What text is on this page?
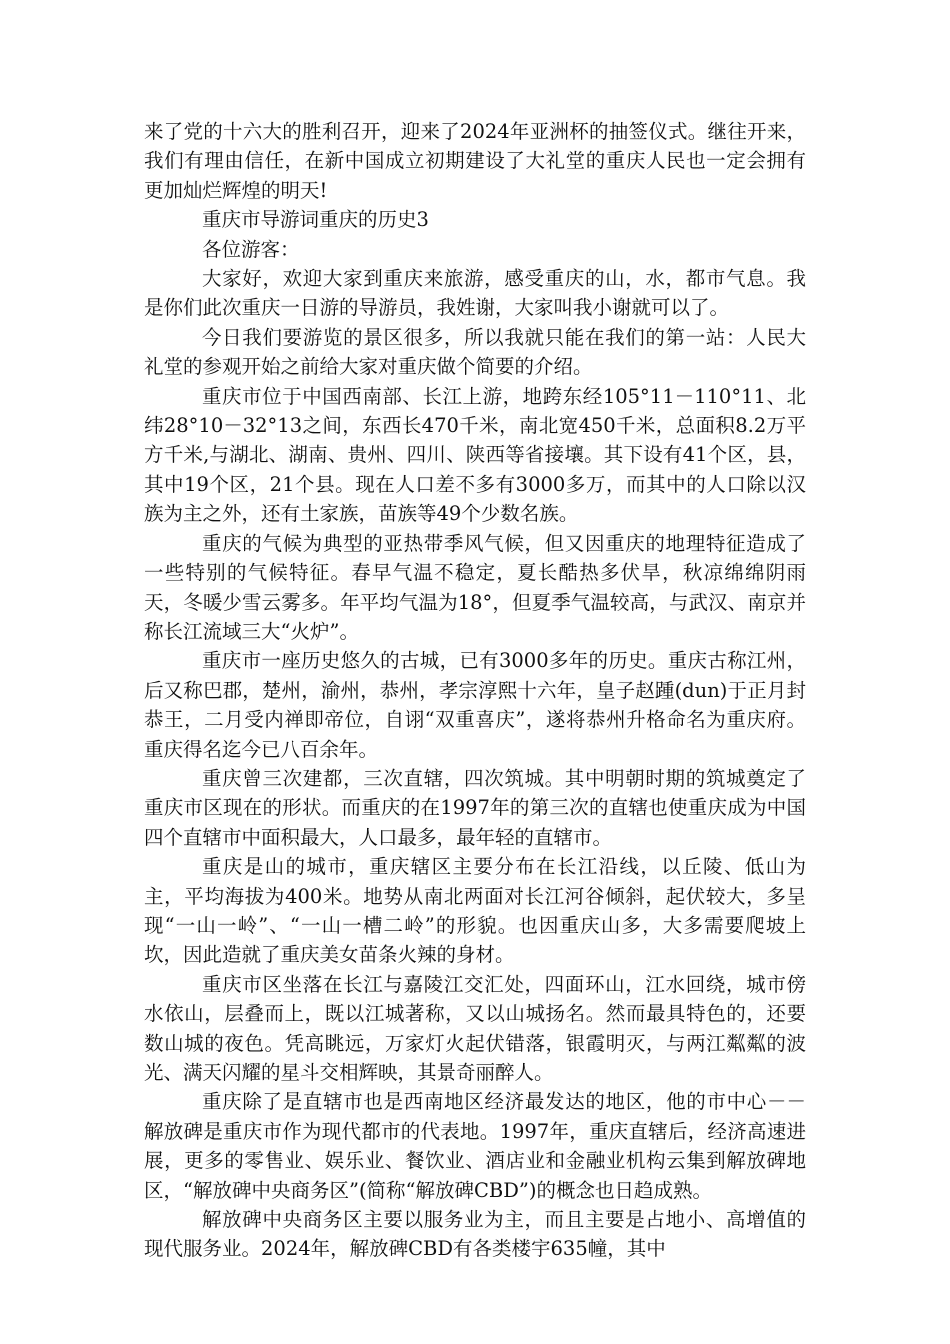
来了党的十六大的胜利召开，迎来了2024年亚洲杯的抽签仪式。继往开来，我们有理由信任，在新中国成立初期建设了大礼堂的重庆人民也一定会拥有更加灿烂辉煌的明天!

重庆市导游词重庆的历史3

各位游客：

大家好，欢迎大家到重庆来旅游，感受重庆的山，水，都市气息。我是你们此次重庆一日游的导游员，我姓谢，大家叫我小谢就可以了。

今日我们要游览的景区很多，所以我就只能在我们的第一站：人民大礼堂的参观开始之前给大家对重庆做个简要的介绍。

重庆市位于中国西南部、长江上游，地跨东经105°11－110°11、北纬28°10－32°13之间，东西长470千米，南北宽450千米，总面积8.2万平方千米,与湖北、湖南、贵州、四川、陕西等省接壤。其下设有41个区，县，其中19个区，21个县。现在人口差不多有3000多万，而其中的人口除以汉族为主之外，还有土家族，苗族等49个少数名族。

重庆的气候为典型的亚热带季风气候，但又因重庆的地理特征造成了一些特别的气候特征。春早气温不稳定，夏长酷热多伏旱，秋凉绵绵阴雨天，冬暖少雪云雾多。年平均气温为18°，但夏季气温较高，与武汉、南京并称长江流域三大“火炉”。

重庆市一座历史悠久的古城，已有3000多年的历史。重庆古称江州，后又称巴郡，楚州，渝州，恭州，孝宗淳熙十六年，皇子赵踵(dun)于正月封恭王，二月受内禅即帝位，自诩“双重喜庆”，遂将恭州升格命名为重庆府。重庆得名迄今已八百余年。

重庆曾三次建都，三次直辖，四次筑城。其中明朝时期的筑城奠定了重庆市区现在的形状。而重庆的在1997年的第三次的直辖也使重庆成为中国四个直辖市中面积最大，人口最多，最年轻的直辖市。

重庆是山的城市，重庆辖区主要分布在长江沿线，以丘陵、低山为主，平均海拔为400米。地势从南北两面对长江河谷倾斜，起伏较大，多呈现“一山一岭”、“一山一槽二岭”的形貌。也因重庆山多，大多需要爬坡上坎，因此造就了重庆美女苗条火辣的身材。

重庆市区坐落在长江与嘉陵江交汇处，四面环山，江水回绕，城市傍水依山，层叠而上，既以江城著称，又以山城扬名。然而最具特色的，还要数山城的夜色。凭高眺远，万家灯火起伏错落，银霞明灭，与两江粼粼的波光、满天闪耀的星斗交相辉映，其景奇丽醉人。

重庆除了是直辖市也是西南地区经济最发达的地区，他的市中心－－解放碑是重庆市作为现代都市的代表地。1997年，重庆直辖后，经济高速进展，更多的零售业、娱乐业、餐饮业、酒店业和金融业机构云集到解放碑地区，“解放碑中央商务区”(简称“解放碑CBD”)的概念也日趋成熟。

解放碑中央商务区主要以服务业为主，而且主要是占地小、高增值的现代服务业。2024年，解放碑CBD有各类楼宇635幢，其中
